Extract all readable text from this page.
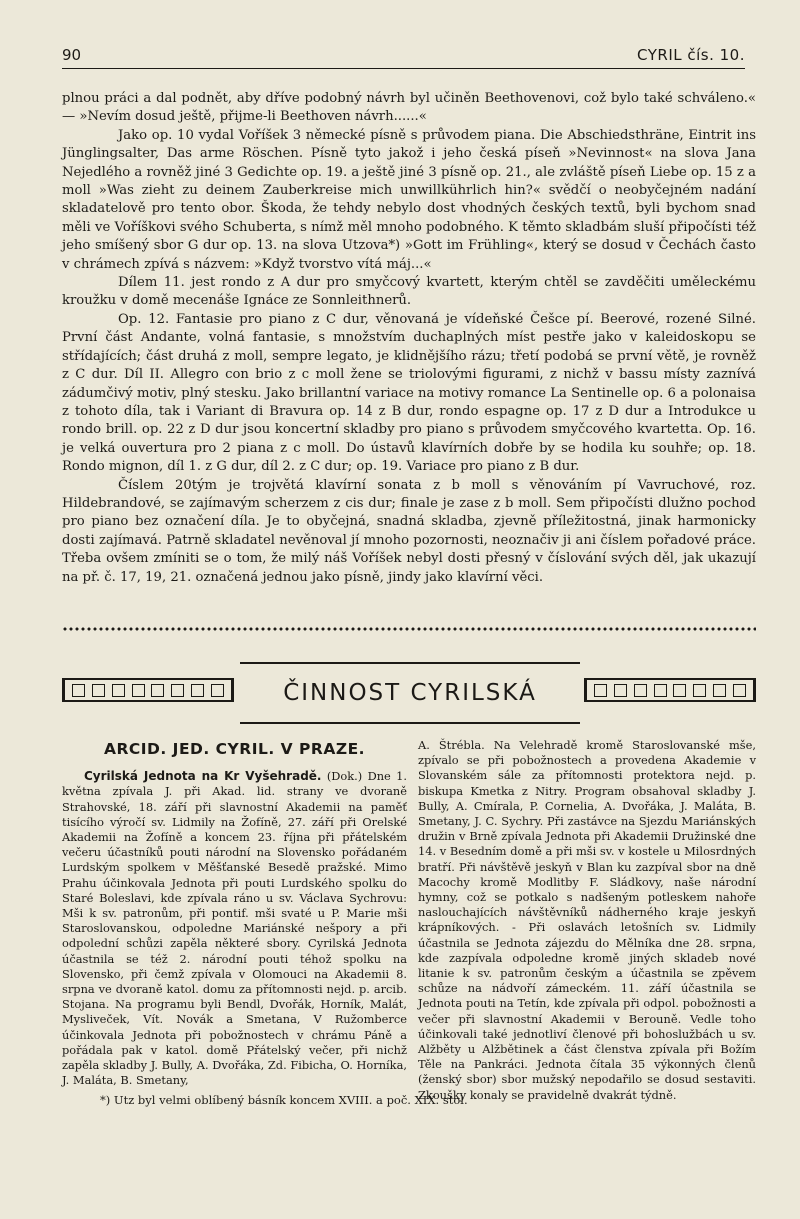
90	CYRIL čís. 10.

plnou práci a dal podnět, aby dříve podobný návrh byl učiněn Beethovenovi, což bylo také schváleno.« — »Nevím dosud ještě, přijme-li Beethoven návrh......«

Jako op. 10 vydal Voříšek 3 německé písně s průvodem piana. Die Abschiedsthräne, Eintrit ins Jünglingsalter, Das arme Röschen. Písně tyto jakož i jeho česká píseň »Nevinnost« na slova Jana Nejedlého a rovněž jiné 3 Gedichte op. 19. a ještě jiné 3 písně op. 21., ale zvláště píseň Liebe op. 15 z a moll »Was zieht zu deinem Zauberkreise mich unwillkührlich hin?« svědčí o neobyčejném nadání skladatelově pro tento obor. Škoda, že tehdy nebylo dost vhodných českých textů, byli bychom snad měli ve Voříškovi svého Schuberta, s nímž měl mnoho podobného. K těmto skladbám sluší připočísti též jeho smíšený sbor G dur op. 13. na slova Utzova*) »Gott im Frühling«, který se dosud v Čechách často v chrámech zpívá s názvem: »Když tvorstvo vítá máj...«

Dílem 11. jest rondo z A dur pro smyčcový kvartett, kterým chtěl se zavděčiti uměleckému kroužku v domě mecenáše Ignáce ze Sonnleithnerů.

Op. 12. Fantasie pro piano z C dur, věnovaná je vídeňské Češce pí. Beerové, rozené Silné. První část Andante, volná fantasie, s množstvím duchaplných míst pestře jako v kaleidoskopu se střídajících; část druhá z moll, sempre legato, je klidnějšího rázu; třetí podobá se první větě, je rovněž z C dur. Díl II. Allegro con brio z c moll žene se triolovými figurami, z nichž v bassu místy zaznívá zádumčivý motiv, plný stesku. Jako brillantní variace na motivy romance La Sentinelle op. 6 a polonaisa z tohoto díla, tak i Variant di Bravura op. 14 z B dur, rondo espagne op. 17 z D dur a Introdukce u rondo brill. op. 22 z D dur jsou koncertní skladby pro piano s průvodem smyčcového kvartetta. Op. 16. je velká ouvertura pro 2 piana z c moll. Do ústavů klavírních dobře by se hodila ku souhře; op. 18. Rondo mignon, díl 1. z G dur, díl 2. z C dur; op. 19. Variace pro piano z B dur.

Číslem 20tým je trojvětá klavírní sonata z b moll s věnováním pí Vavruchové, roz. Hildebrandové, se zajímavým scherzem z cis dur; finale je zase z b moll. Sem připočísti dlužno pochod pro piano bez označení díla. Je to obyčejná, snadná skladba, zjevně příležitostná, jinak harmonicky dosti zajímavá. Patrně skladatel nevěnoval jí mnoho pozornosti, neoznačiv ji ani číslem pořadové práce. Třeba ovšem zmíniti se o tom, že milý náš Voříšek nebyl dosti přesný v číslování svých děl, jak ukazují na př. č. 17, 19, 21. označená jednou jako písně, jindy jako klavírní věci.

ČINNOST CYRILSKÁ
ARCID. JED. CYRIL. V PRAZE.

Cyrilská Jednota na Kr Vyšehradě. (Dok.) Dne 1. května zpívala J. při Akad. lid. strany ve dvoraně Strahovské, 18. září při slavnostní Akademii na paměť tisícího výročí sv. Lidmily na Žofíně, 27. září při Orelské Akademii na Žofíně a koncem 23. října při přátelském večeru účastníků pouti národní na Slovensko pořádaném Lurdským spolkem v Měšťanské Besedě pražské. Mimo Prahu účinkovala Jednota při pouti Lurdského spolku do Staré Boleslavi, kde zpívala ráno u sv. Václava Sychrovu: Mši k sv. patronům, při pontif. mši svaté u P. Marie mši Staroslovanskou, odpoledne Mariánské nešpory a při odpolední schůzi zapěla některé sbory. Cyrilská Jednota účastnila se též 2. národní pouti téhož spolku na Slovensko, při čemž zpívala v Olomouci na Akademii 8. srpna ve dvoraně katol. domu za přítomnosti nejd. p. arcib. Stojana. Na programu byli Bendl, Dvořák, Horník, Malát, Mysliveček, Vít. Novák a Smetana, V Ružomberce účinkovala Jednota při pobožnostech v chrámu Páně a pořádala pak v katol. domě Přátelský večer, při nichž zapěla skladby J. Bully, A. Dvořáka, Zd. Fibicha, O. Horníka, J. Malátа, B. Smetany,

A. Štrébla. Na Velehradě kromě Staroslovanské mše, zpívalo se při pobožnostech a provedena Akademie v Slovanském sále za přítomnosti protektora nejd. p. biskupa Kmetka z Nitry. Program obsahoval skladby J. Bully, A. Cmírala, P. Cornelia, A. Dvořáka, J. Malátа, B. Smetany, J. C. Sychry. Při zastávce na Sjezdu Mariánských družin v Brně zpívala Jednota při Akademii Družinské dne 14. v Besedním domě a při mši sv. v kostele u Milosrdných bratří. Při návštěvě jeskyň v Blan ku zazpíval sbor na dně Macochy kromě Modlitby F. Sládkovy, naše národní hymny, což se potkalo s nadšeným potleskem nahoře naslouchajících návštěvníků nádherného kraje jeskyň krápníkových. - Při oslavách letošních sv. Lidmily účastnila se Jednota zájezdu do Mělníka dne 28. srpna, kde zazpívala odpoledne kromě jiných skladeb nové litanie k sv. patronům českým a účastnila se zpěvem schůze na nádvoří zámeckém. 11. září účastnila se Jednota pouti na Tetín, kde zpívala při odpol. pobožnosti a večer při slavnostní Akademii v Berouně. Vedle toho účinkovali také jednotliví členové při bohoslužbách u sv. Alžběty u Alžbětinek a část členstva zpívala při Božím Těle na Pankráci. Jednota čítala 35 výkonných členů (ženský sbor) sbor mužský nepodařilo se dosud sestaviti. Zkoušky konaly se pravidelně dvakrát týdně.

*) Utz byl velmi oblíbený básník koncem XVIII. a poč. XIX. stol.
